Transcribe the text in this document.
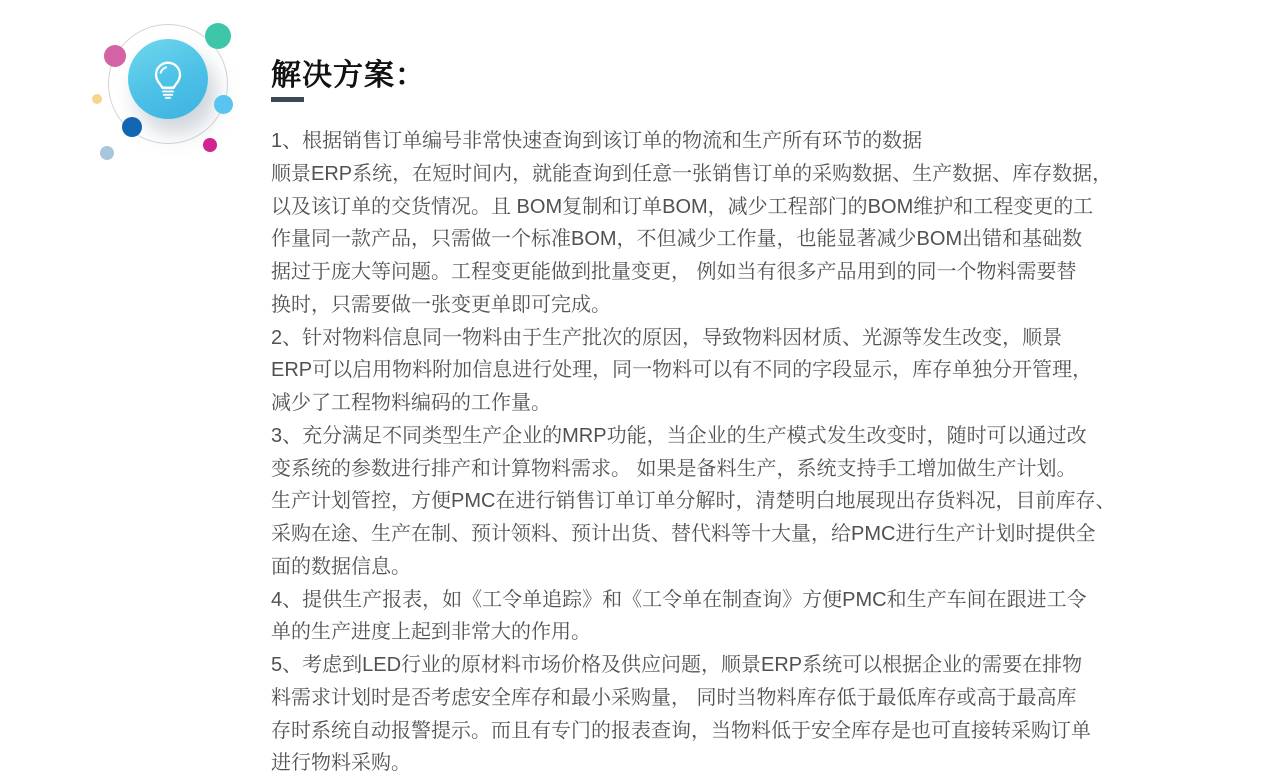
解决方案：
1、根据销售订单编号非常快速查询到该订单的物流和生产所有环节的数据
顺景ERP系统，在短时间内，就能查询到任意一张销售订单的采购数据、生产数据、库存数据，
以及该订单的交货情况。且 BOM复制和订单BOM，减少工程部门的BOM维护和工程变更的工
作量同一款产品，只需做一个标准BOM，不但减少工作量，也能显著减少BOM出错和基础数
据过于庞大等问题。工程变更能做到批量变更， 例如当有很多产品用到的同一个物料需要替
换时，只需要做一张变更单即可完成。
2、针对物料信息同一物料由于生产批次的原因，导致物料因材质、光源等发生改变，顺景
ERP可以启用物料附加信息进行处理，同一物料可以有不同的字段显示，库存单独分开管理，
减少了工程物料编码的工作量。
3、充分满足不同类型生产企业的MRP功能，当企业的生产模式发生改变时，随时可以通过改
变系统的参数进行排产和计算物料需求。 如果是备料生产，系统支持手工增加做生产计划。
生产计划管控，方便PMC在进行销售订单订单分解时，清楚明白地展现出存货料况，目前库存、
采购在途、生产在制、预计领料、预计出货、替代料等十大量，给PMC进行生产计划时提供全
面的数据信息。
4、提供生产报表，如《工令单追踪》和《工令单在制查询》方便PMC和生产车间在跟进工令
单的生产进度上起到非常大的作用。
5、考虑到LED行业的原材料市场价格及供应问题，顺景ERP系统可以根据企业的需要在排物
料需求计划时是否考虑安全库存和最小采购量， 同时当物料库存低于最低库存或高于最高库
存时系统自动报警提示。而且有专门的报表查询，当物料低于安全库存是也可直接转采购订单
进行物料采购。
